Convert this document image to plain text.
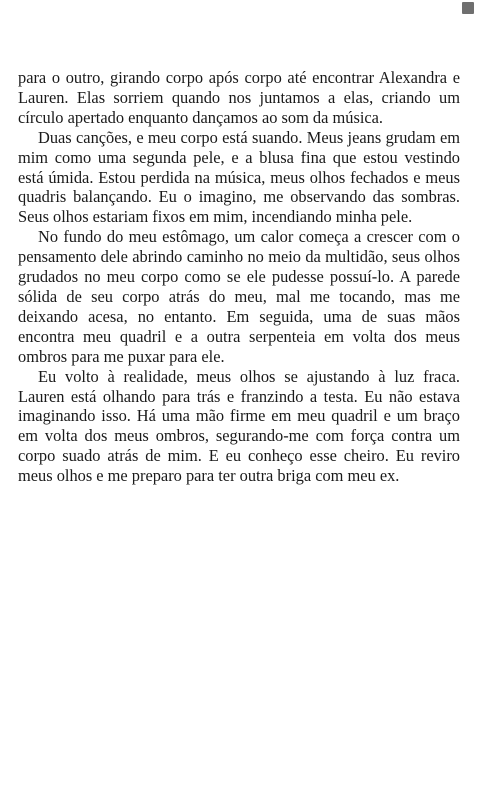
para o outro, girando corpo após corpo até encontrar Alexandra e Lauren. Elas sorriem quando nos juntamos a elas, criando um círculo apertado enquanto dançamos ao som da música.

Duas canções, e meu corpo está suando. Meus jeans grudam em mim como uma segunda pele, e a blusa fina que estou vestindo está úmida. Estou perdida na música, meus olhos fechados e meus quadris balançando. Eu o imagino, me observando das sombras. Seus olhos estariam fixos em mim, incendiando minha pele.

No fundo do meu estômago, um calor começa a crescer com o pensamento dele abrindo caminho no meio da multidão, seus olhos grudados no meu corpo como se ele pudesse possuí-lo. A parede sólida de seu corpo atrás do meu, mal me tocando, mas me deixando acesa, no entanto. Em seguida, uma de suas mãos encontra meu quadril e a outra serpenteia em volta dos meus ombros para me puxar para ele.

Eu volto à realidade, meus olhos se ajustando à luz fraca. Lauren está olhando para trás e franzindo a testa. Eu não estava imaginando isso. Há uma mão firme em meu quadril e um braço em volta dos meus ombros, segurando-me com força contra um corpo suado atrás de mim. E eu conheço esse cheiro. Eu reviro meus olhos e me preparo para ter outra briga com meu ex.
